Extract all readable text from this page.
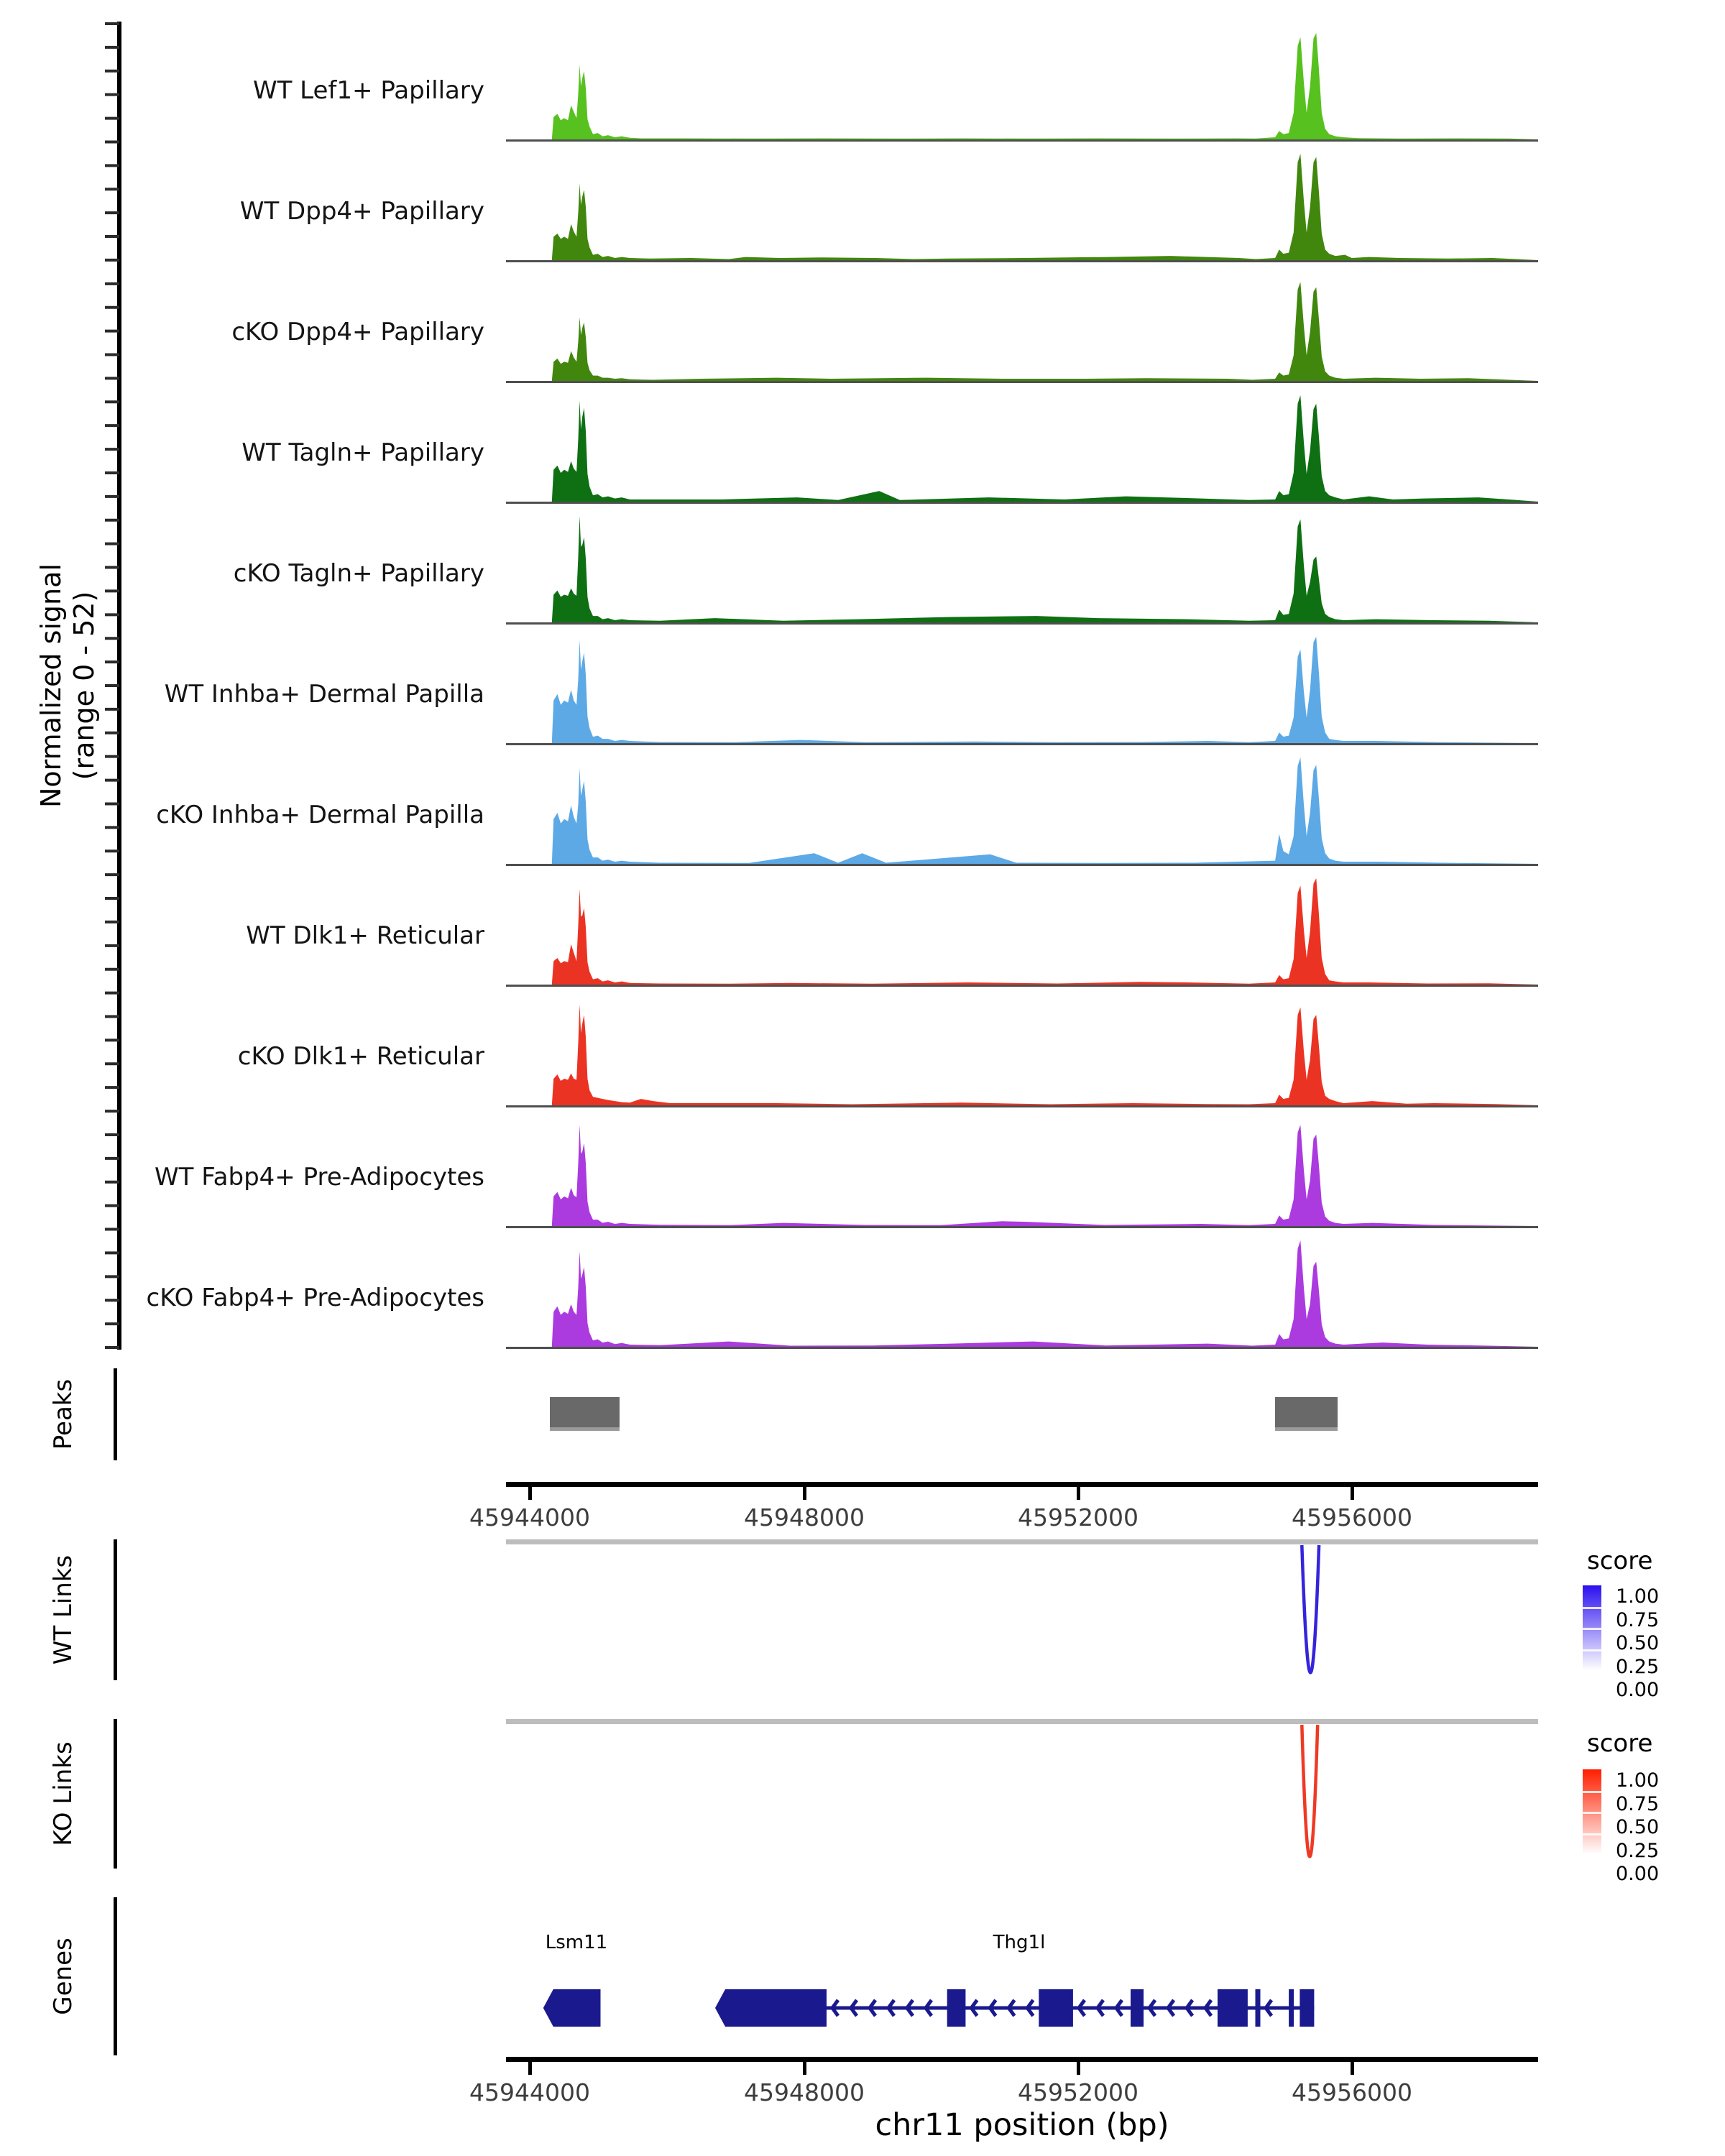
Normalized signal (range 0 - 52)
WT Lef1+ Papillary
WT Dpp4+ Papillary
cKO Dpp4+ Papillary
WT Tagln+ Papillary
cKO Tagln+ Papillary
WT Inhba+ Dermal Papilla
cKO Inhba+ Dermal Papilla
WT Dlk1+ Reticular
cKO Dlk1+ Reticular
WT Fabp4+ Pre-Adipocytes
cKO Fabp4+ Pre-Adipocytes
Peaks
45944000	45948000	45952000	45956000
WT Links	score
1.00
0.75
0.50
0.25
0.00
KO Links	score
1.00
0.75
0.50
0.25
0.00
Genes	Lsm11	Thg1l
45944000	45948000	45952000	45956000
chr11 position (bp)
